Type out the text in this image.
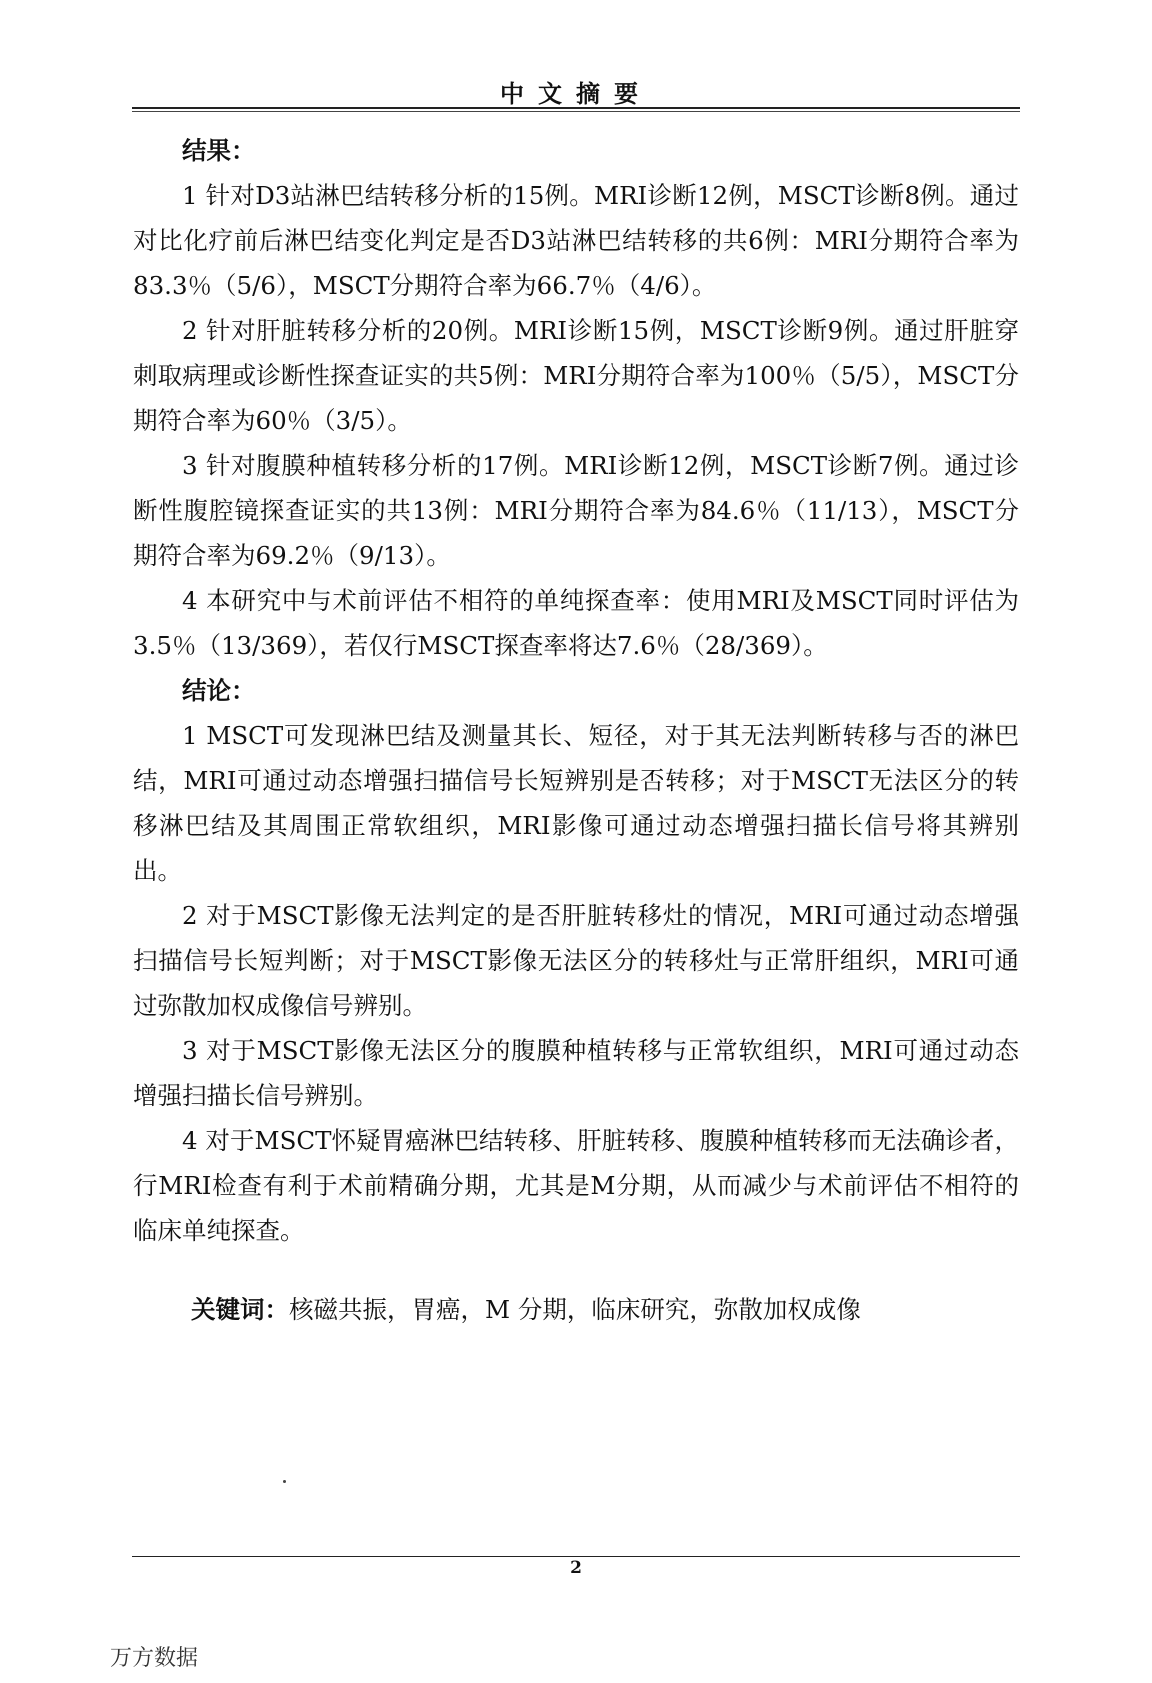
中文摘要

结果：

1 针对D3站淋巴结转移分析的15例。MRI诊断12例，MSCT诊断8例。通过对比化疗前后淋巴结变化判定是否D3站淋巴结转移的共6例：MRI分期符合率为83.3％（5/6），MSCT分期符合率为66.7％（4/6）。

2 针对肝脏转移分析的20例。MRI诊断15例，MSCT诊断9例。通过肝脏穿刺取病理或诊断性探查证实的共5例：MRI分期符合率为100％（5/5），MSCT分期符合率为60％（3/5）。

3 针对腹膜种植转移分析的17例。MRI诊断12例，MSCT诊断7例。通过诊断性腹腔镜探查证实的共13例：MRI分期符合率为84.6％（11/13），MSCT分期符合率为69.2％（9/13）。

4 本研究中与术前评估不相符的单纯探查率：使用MRI及MSCT同时评估为3.5％（13/369），若仅行MSCT探查率将达7.6％（28/369）。

结论：

1 MSCT可发现淋巴结及测量其长、短径，对于其无法判断转移与否的淋巴结，MRI可通过动态增强扫描信号长短辨别是否转移；对于MSCT无法区分的转移淋巴结及其周围正常软组织，MRI影像可通过动态增强扫描长信号将其辨别出。

2 对于MSCT影像无法判定的是否肝脏转移灶的情况，MRI可通过动态增强扫描信号长短判断；对于MSCT影像无法区分的转移灶与正常肝组织，MRI可通过弥散加权成像信号辨别。

3 对于MSCT影像无法区分的腹膜种植转移与正常软组织，MRI可通过动态增强扫描长信号辨别。

4 对于MSCT怀疑胃癌淋巴结转移、肝脏转移、腹膜种植转移而无法确诊者，行MRI检查有利于术前精确分期，尤其是M分期，从而减少与术前评估不相符的临床单纯探查。

关键词：核磁共振，胃癌，M 分期，临床研究，弥散加权成像
2
万方数据
